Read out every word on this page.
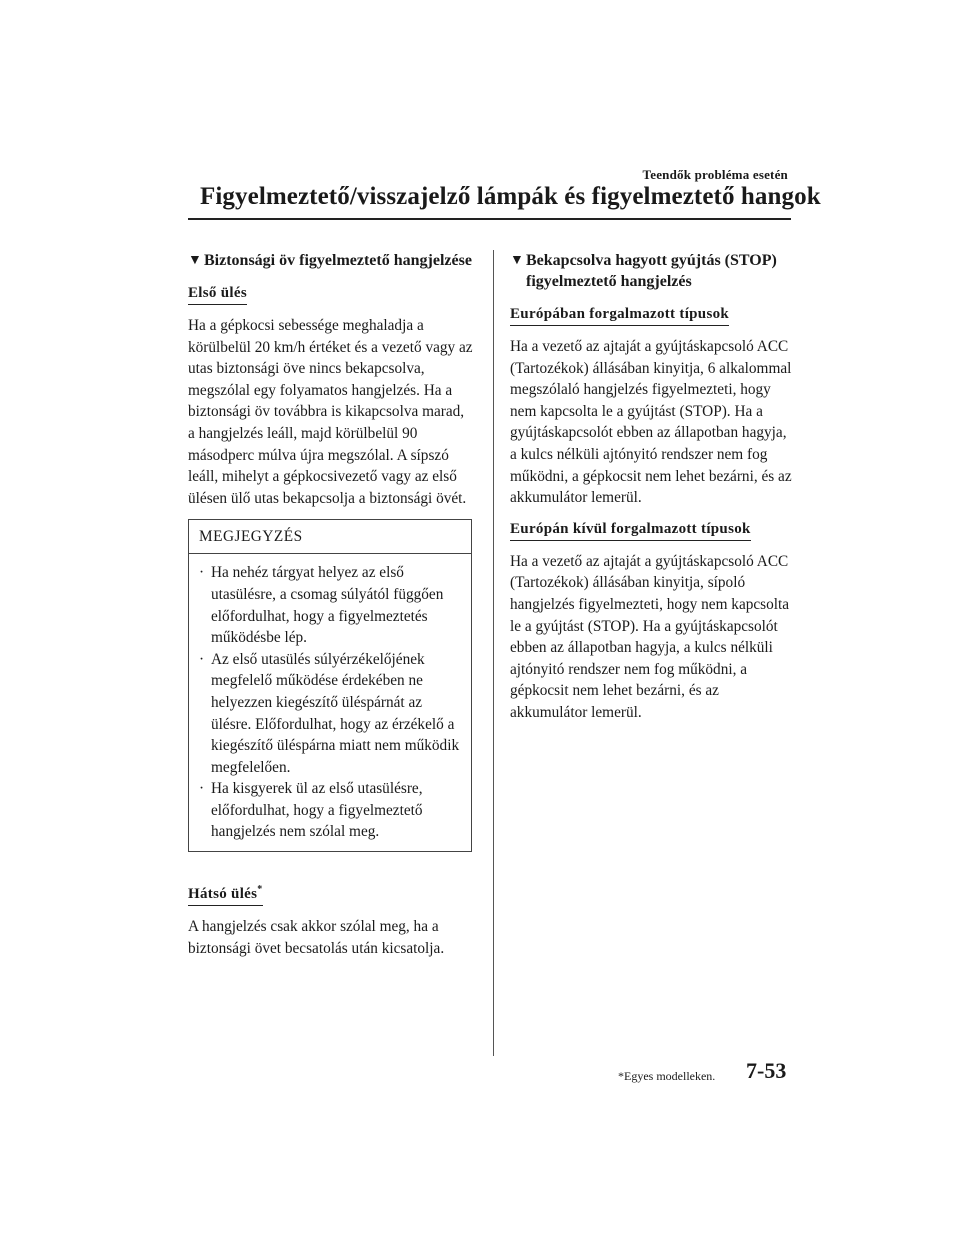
Teendők probléma esetén
Figyelmeztető/visszajelző lámpák és figyelmeztető hangok
▼ Biztonsági öv figyelmeztető hangjelzése
Első ülés

Ha a gépkocsi sebessége meghaladja a körülbelül 20 km/h értéket és a vezető vagy az utas biztonsági öve nincs bekapcsolva, megszólal egy folyamatos hangjelzés. Ha a biztonsági öv továbbra is kikapcsolva marad, a hangjelzés leáll, majd körülbelül 90 másodperc múlva újra megszólal. A sípszó leáll, mihelyt a gépkocsivezető vagy az első ülésen ülő utas bekapcsolja a biztonsági övét.

MEGJEGYZÉS
· Ha nehéz tárgyat helyez az első utasülésre, a csomag súlyától függően előfordulhat, hogy a figyelmeztetés működésbe lép.
· Az első utasülés súlyérzékelőjének megfelelő működése érdekében ne helyezzen kiegészítő üléspárnát az ülésre. Előfordulhat, hogy az érzékelő a kiegészítő üléspárna miatt nem működik megfelelően.
· Ha kisgyerek ül az első utasülésre, előfordulhat, hogy a figyelmeztető hangjelzés nem szólal meg.
Hátsó ülés*

A hangjelzés csak akkor szólal meg, ha a biztonsági övet becsatolás után kicsatolja.

▼ Bekapcsolva hagyott gyújtás (STOP) figyelmeztető hangjelzés
Európában forgalmazott típusok

Ha a vezető az ajtaját a gyújtáskapcsoló ACC (Tartozékok) állásában kinyitja, 6 alkalommal megszólaló hangjelzés figyelmezteti, hogy nem kapcsolta le a gyújtást (STOP). Ha a gyújtáskapcsolót ebben az állapotban hagyja, a kulcs nélküli ajtónyitó rendszer nem fog működni, a gépkocsit nem lehet bezárni, és az akkumulátor lemerül.

Európán kívül forgalmazott típusok

Ha a vezető az ajtaját a gyújtáskapcsoló ACC (Tartozékok) állásában kinyitja, sípoló hangjelzés figyelmezteti, hogy nem kapcsolta le a gyújtást (STOP). Ha a gyújtáskapcsolót ebben az állapotban hagyja, a kulcs nélküli ajtónyitó rendszer nem fog működni, a gépkocsit nem lehet bezárni, és az akkumulátor lemerül.

*Egyes modelleken. 7-53
